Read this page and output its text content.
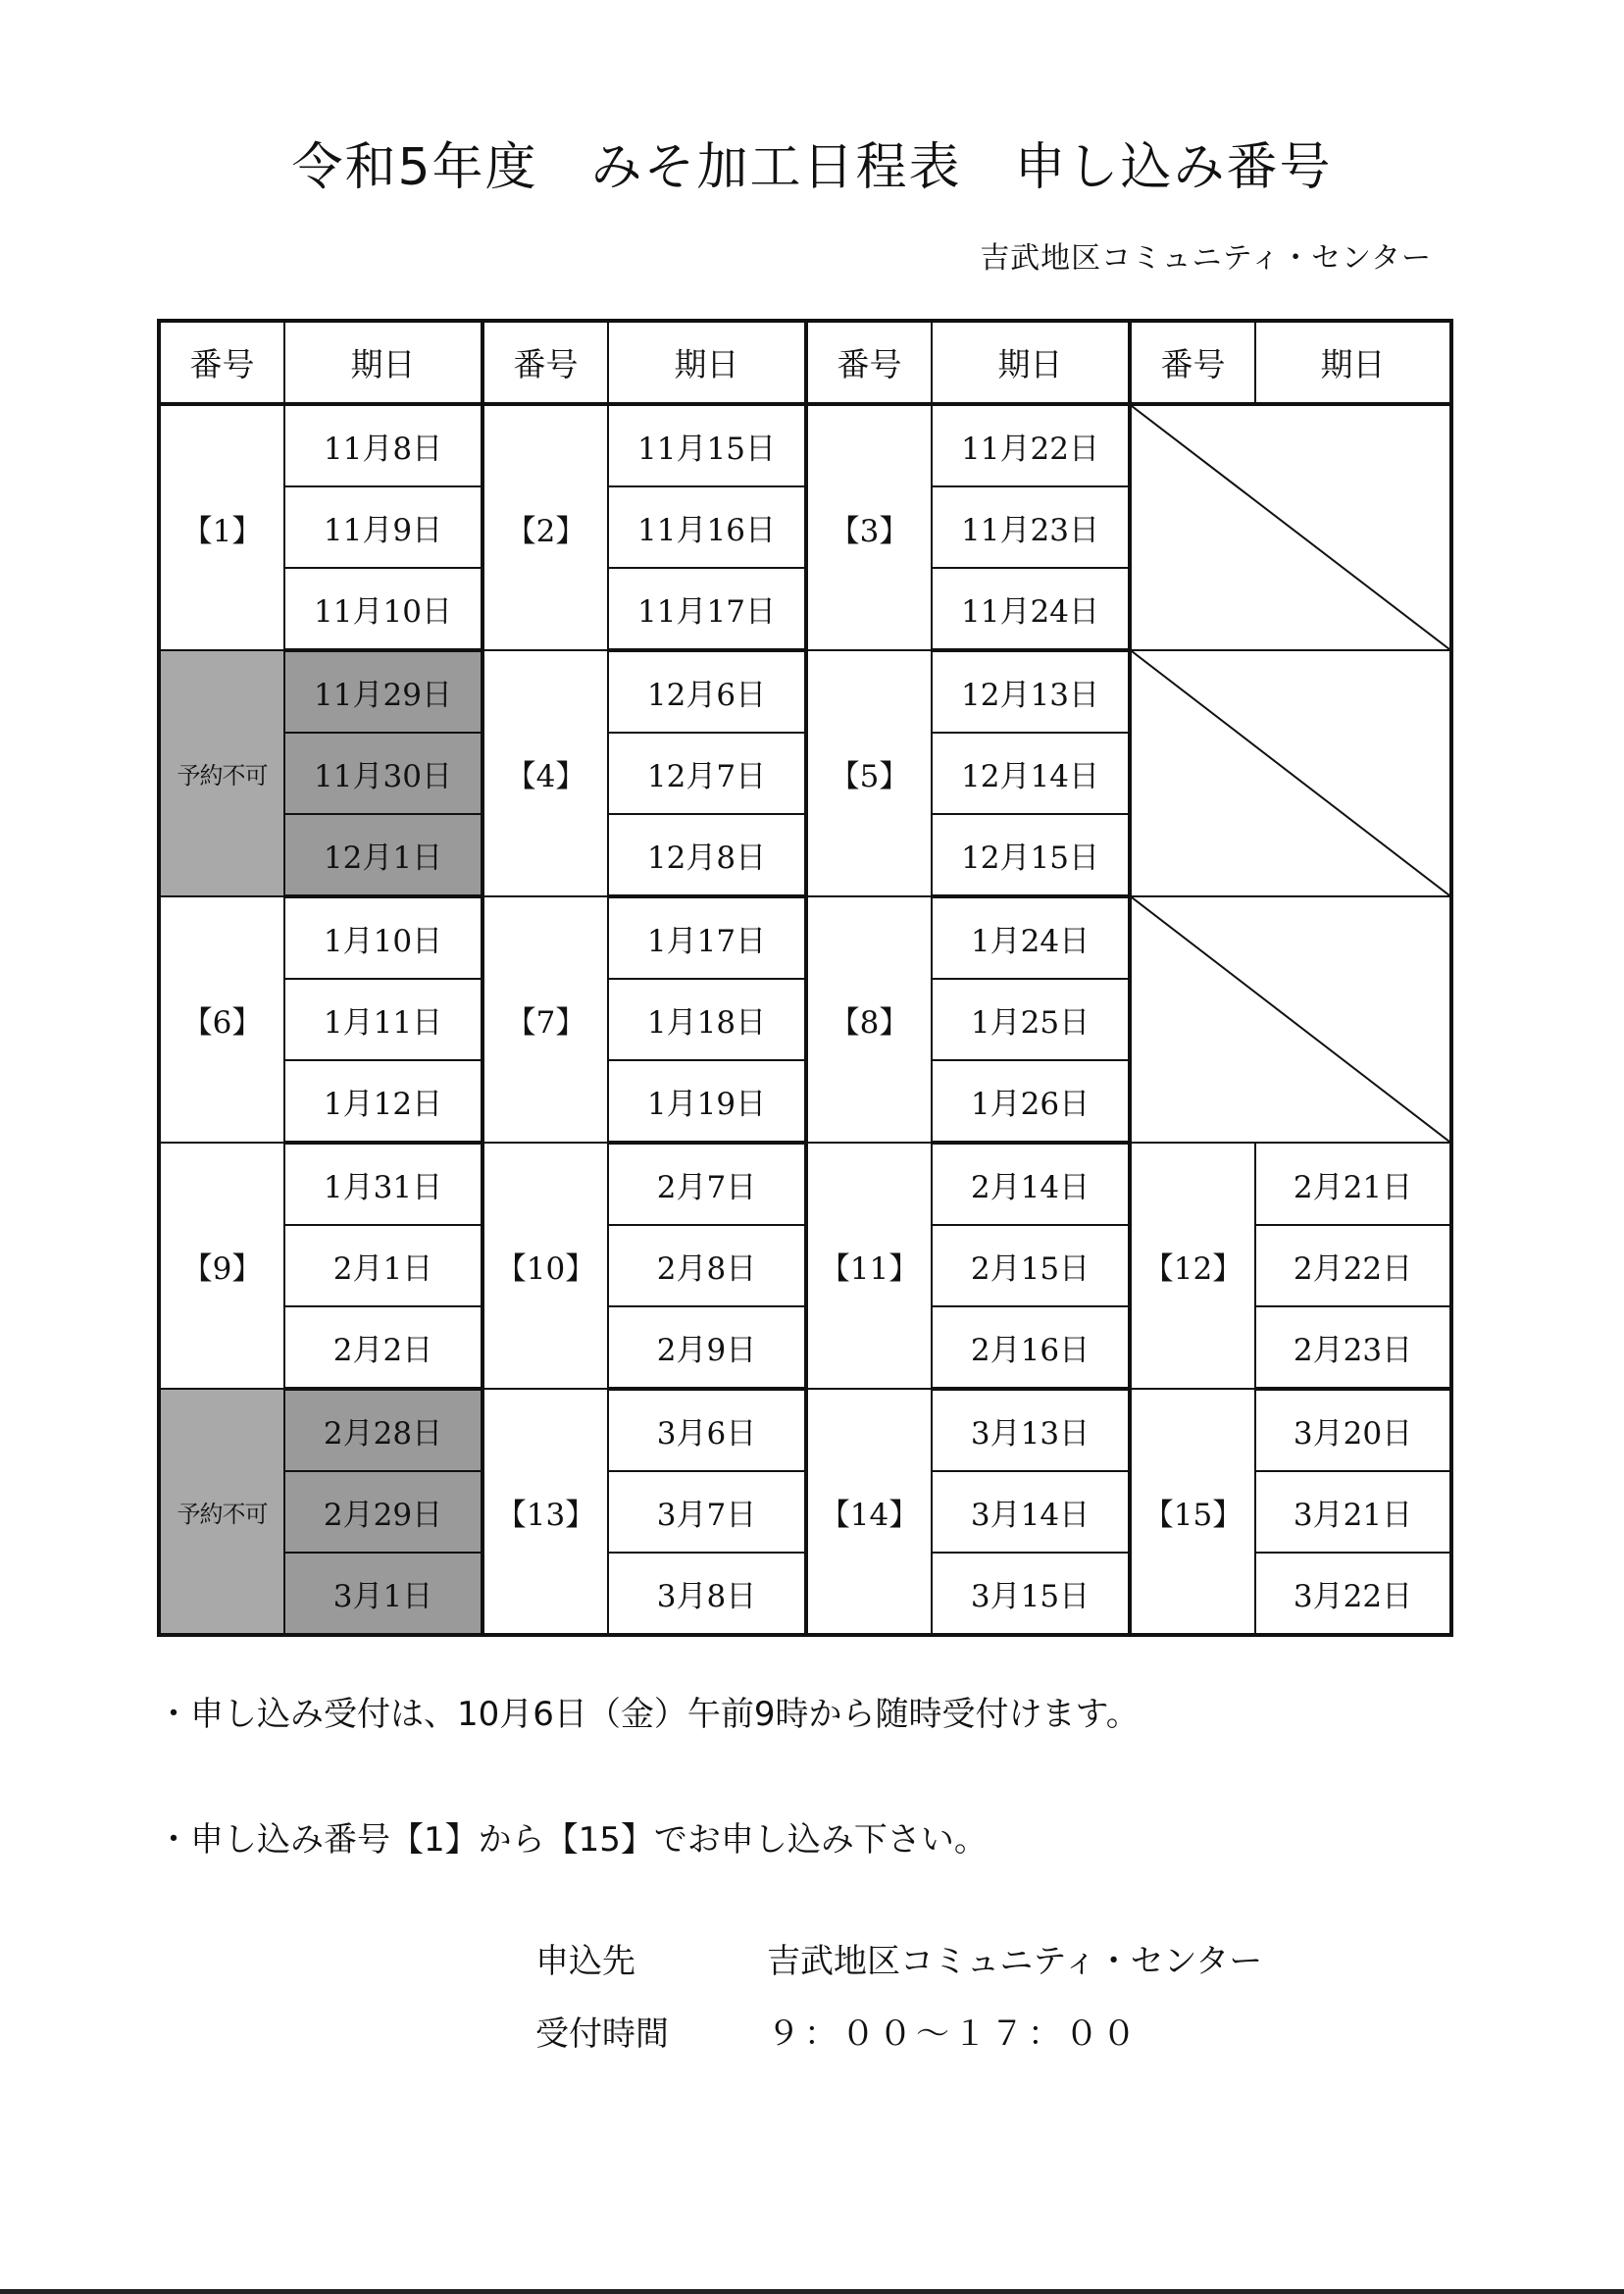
令和5年度　みそ加工日程表　申し込み番号
吉武地区コミュニティ・センター
番号	期日	番号	期日	番号	期日	番号	期日
【1】	11月8日	【2】	11月15日	【3】	11月22日	

	11月9日		11月16日		11月23日		
	11月10日		11月17日		11月24日		
予約不可	11月29日	【4】	12月6日	【5】	12月13日	

	11月30日		12月7日		12月14日		
	12月1日		12月8日		12月15日		
【6】	1月10日	【7】	1月17日	【8】	1月24日	

	1月11日		1月18日		1月25日		
	1月12日		1月19日		1月26日		
【9】	1月31日	【10】	2月7日	【11】	2月14日	【12】	2月21日
	2月1日		2月8日		2月15日		2月22日
	2月2日		2月9日		2月16日		2月23日
予約不可	2月28日	【13】	3月6日	【14】	3月13日	【15】	3月20日
	2月29日		3月7日		3月14日		3月21日
	3月1日		3月8日		3月15日		3月22日
・申し込み受付は、10月6日（金）午前9時から随時受付けます。
・申し込み番号【1】から【15】でお申し込み下さい。
申込先	吉武地区コミュニティ・センター
受付時間	９：００～１７：００
